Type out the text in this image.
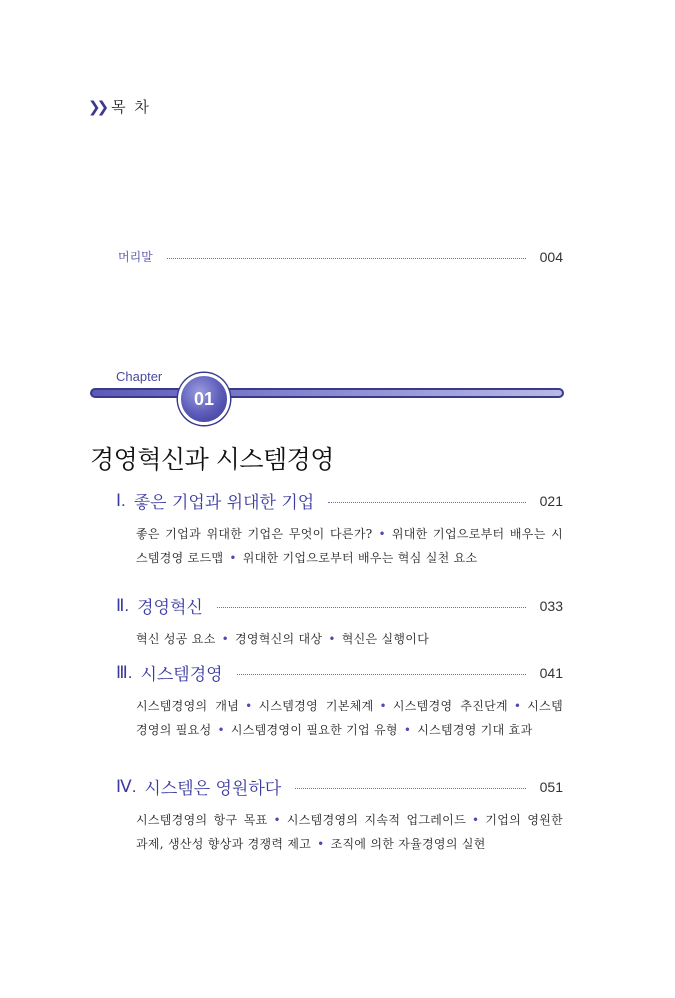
❯❯ 목 차
머리말	004
Chapter
01
경영혁신과 시스템경영
Ⅰ. 좋은 기업과 위대한 기업	021
좋은 기업과 위대한 기업은 무엇이 다른가? • 위대한 기업으로부터 배우는 시스템경영 로드맵 • 위대한 기업으로부터 배우는 혁심 실천 요소
Ⅱ. 경영혁신	033
혁신 성공 요소 • 경영혁신의 대상 • 혁신은 실행이다
Ⅲ. 시스템경영	041
시스템경영의 개념 • 시스템경영 기본체계 • 시스템경영 추진단계 • 시스템경영의 필요성 • 시스템경영이 필요한 기업 유형 • 시스템경영 기대 효과
Ⅳ. 시스템은 영원하다	051
시스템경영의 항구 목표 • 시스템경영의 지속적 업그레이드 • 기업의 영원한 과제, 생산성 향상과 경쟁력 제고 • 조직에 의한 자율경영의 실현
